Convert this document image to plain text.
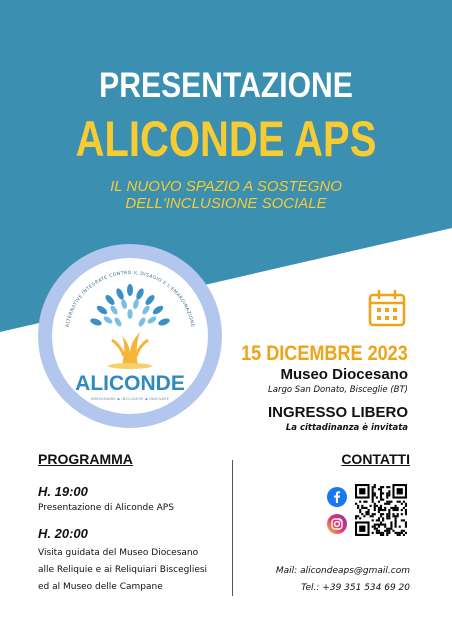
PRESENTAZIONE
ALICONDE APS
IL NUOVO SPAZIO A SOSTEGNO
DELL'INCLUSIONE SOCIALE
ALTERNATIVE INTEGRATE CONTRO IL DISAGIO E L'EMARGINAZIONE
ALICONDE
IMMAGINARE ◆ INCLUDERE ◆ INNOVARE
15 DICEMBRE 2023
Museo Diocesano
Largo San Donato, Bisceglie (BT)
INGRESSO LIBERO
La cittadinanza è invitata
PROGRAMMA
H. 19:00
Presentazione di Aliconde APS
H. 20:00
Visita guidata del Museo Diocesano
alle Reliquie e ai Reliquiari Biscegliesi
ed al Museo delle Campane
CONTATTI
Mail: alicondeaps@gmail.com
Tel.: +39 351 534 69 20
